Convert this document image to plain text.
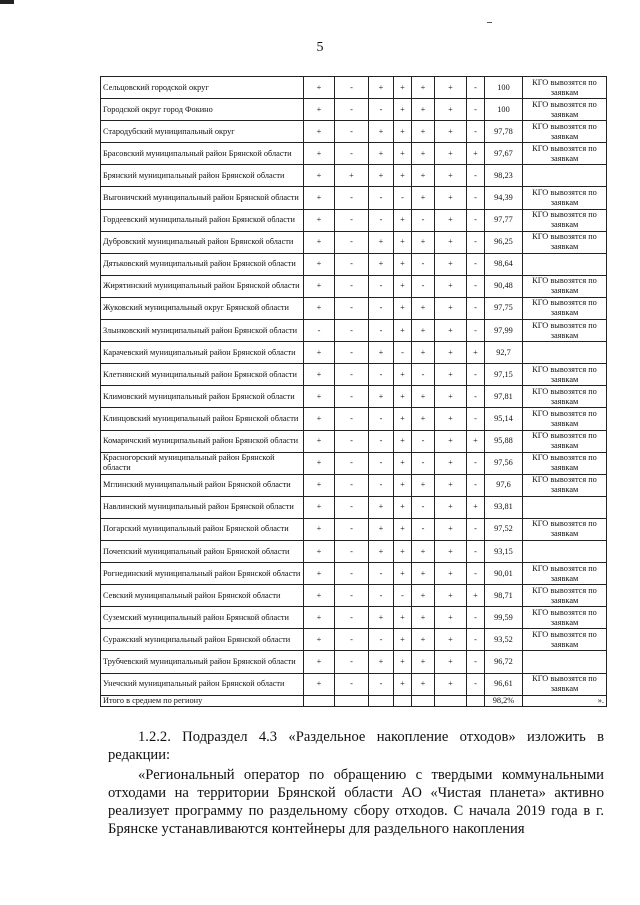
5
Сельцовский городской округ	+	-	+	+	+	+	-	100	КГО вывозятся по заявкам
Городской округ город Фокино	+	-	-	+	+	+	-	100	КГО вывозятся по заявкам
Стародубский муниципальный округ	+	-	+	+	+	+	-	97,78	КГО вывозятся по заявкам
Брасовский муниципальный район Брянской области	+	-	+	+	+	+	+	97,67	КГО вывозятся по заявкам
Брянский муниципальный район Брянской области	+	+	+	+	+	+	-	98,23	
Выгоничский муниципальный район Брянской области	+	-	-	-	+	+	-	94,39	КГО вывозятся по заявкам
Гордеевский муниципальный район Брянской области	+	-	-	+	-	+	-	97,77	КГО вывозятся по заявкам
Дубровский муниципальный район Брянской области	+	-	+	+	+	+	-	96,25	КГО вывозятся по заявкам
Дятьковский муниципальный район Брянской области	+	-	+	+	-	+	-	98,64	
Жирятинский муниципальный район Брянской области	+	-	-	+	-	+	-	90,48	КГО вывозятся по заявкам
Жуковский муниципальный округ Брянской области	+	-	-	+	+	+	-	97,75	КГО вывозятся по заявкам
Злынковский муниципальный район Брянской области	-	-	-	+	+	+	-	97,99	КГО вывозятся по заявкам
Карачевский муниципальный район Брянской области	+	-	+	-	+	+	+	92,7	
Клетнянский муниципальный район Брянской области	+	-	-	+	-	+	-	97,15	КГО вывозятся по заявкам
Климовский муниципальный район Брянской области	+	-	+	+	+	+	-	97,81	КГО вывозятся по заявкам
Клинцовский муниципальный район Брянской области	+	-	-	+	+	+	-	95,14	КГО вывозятся по заявкам
Комаричский муниципальный район Брянской области	+	-	-	+	-	+	+	95,88	КГО вывозятся по заявкам
Красногорский муниципальный район Брянской области	+	-	-	+	-	+	-	97,56	КГО вывозятся по заявкам
Мглинский муниципальный район Брянской области	+	-	-	+	+	+	-	97,6	КГО вывозятся по заявкам
Навлинский муниципальный район Брянской области	+	-	+	+	-	+	+	93,81	
Погарский муниципальный район Брянской области	+	-	+	+	-	+	-	97,52	КГО вывозятся по заявкам
Почепский муниципальный район Брянской области	+	-	+	+	+	+	-	93,15	
Рогнединский муниципальный район Брянской области	+	-	-	+	+	+	-	90,01	КГО вывозятся по заявкам
Севский муниципальный район Брянской области	+	-	-	-	+	+	+	98,71	КГО вывозятся по заявкам
Суземский муниципальный район Брянской области	+	-	+	+	+	+	-	99,59	КГО вывозятся по заявкам
Суражский муниципальный район Брянской области	+	-	-	+	+	+	-	93,52	КГО вывозятся по заявкам
Трубчевский муниципальный район Брянской области	+	-	+	+	+	+	-	96,72	
Унечский муниципальный район Брянской области	+	-	-	+	+	+	-	96,61	КГО вывозятся по заявкам
Итого в среднем по региону								98,2%	».
1.2.2. Подраздел 4.3 «Раздельное накопление отходов» изложить в редакции:
«Региональный оператор по обращению с твердыми коммунальными отходами на территории Брянской области АО «Чистая планета» активно реализует программу по раздельному сбору отходов. С начала 2019 года в г. Брянске устанавливаются контейнеры для раздельного накопления
